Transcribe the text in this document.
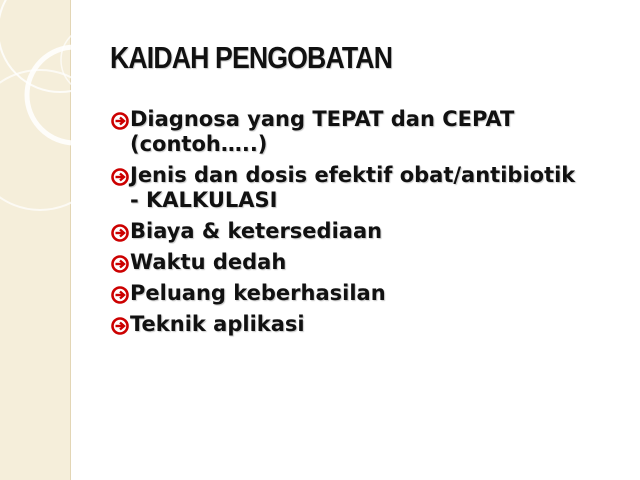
KAIDAH PENGOBATAN
Diagnosa yang TEPAT dan CEPAT
(contoh…..)
Jenis dan dosis efektif obat/antibiotik
- KALKULASI
Biaya & ketersediaan
Waktu dedah
Peluang keberhasilan
Teknik aplikasi
